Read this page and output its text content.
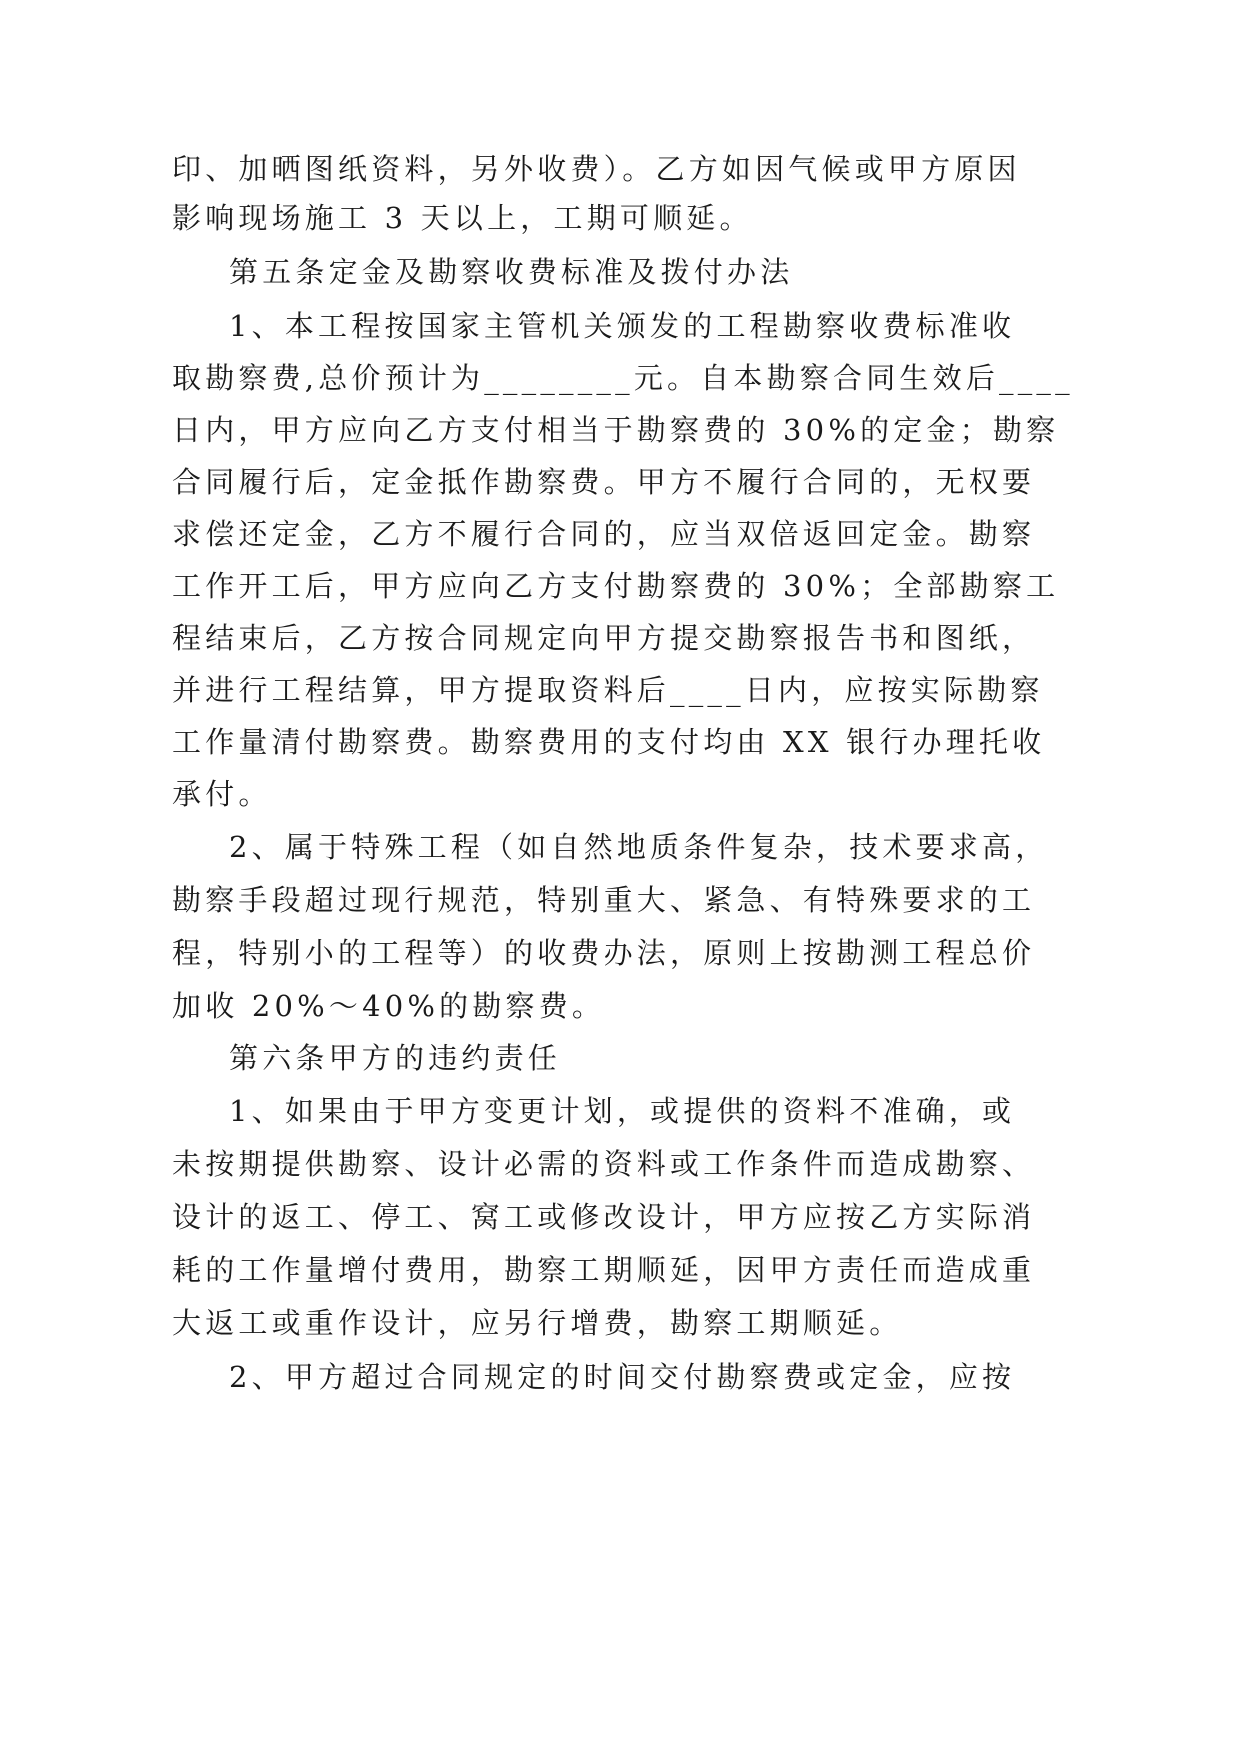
印、加晒图纸资料，另外收费）。乙方如因气候或甲方原因
影响现场施工 3 天以上，工期可顺延。
第五条定金及勘察收费标准及拨付办法
1、本工程按国家主管机关颁发的工程勘察收费标准收
取勘察费,总价预计为________元。自本勘察合同生效后____
日内，甲方应向乙方支付相当于勘察费的 30%的定金；勘察
合同履行后，定金抵作勘察费。甲方不履行合同的，无权要
求偿还定金，乙方不履行合同的，应当双倍返回定金。勘察
工作开工后，甲方应向乙方支付勘察费的 30%；全部勘察工
程结束后，乙方按合同规定向甲方提交勘察报告书和图纸，
并进行工程结算，甲方提取资料后____日内，应按实际勘察
工作量清付勘察费。勘察费用的支付均由 XX 银行办理托收
承付。
2、属于特殊工程（如自然地质条件复杂，技术要求高，
勘察手段超过现行规范，特别重大、紧急、有特殊要求的工
程，特别小的工程等）的收费办法，原则上按勘测工程总价
加收 20%～40%的勘察费。
第六条甲方的违约责任
1、如果由于甲方变更计划，或提供的资料不准确，或
未按期提供勘察、设计必需的资料或工作条件而造成勘察、
设计的返工、停工、窝工或修改设计，甲方应按乙方实际消
耗的工作量增付费用，勘察工期顺延，因甲方责任而造成重
大返工或重作设计，应另行增费，勘察工期顺延。
2、甲方超过合同规定的时间交付勘察费或定金，应按
